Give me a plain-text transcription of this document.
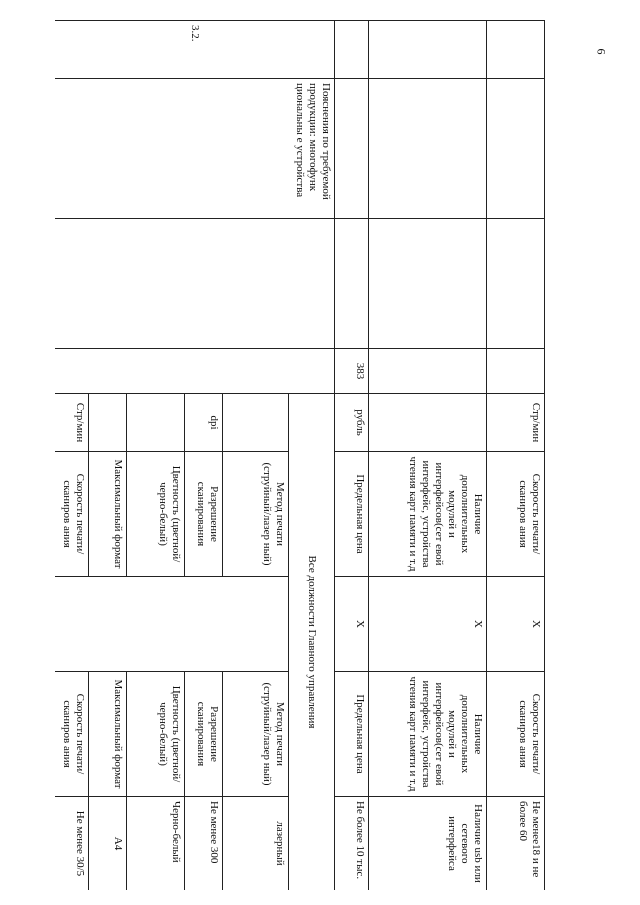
6
				Стр/мин	Скорость печати/сканиров ания	X	Скорость печати/сканиров ания	Не менее18 и не более 60
					Наличие дополнительных модулей и интерфейсов(сет евой интерфейс, устройства чтения карт памяти и т.д	X	Наличие дополнительных модулей и интерфейсов(сет евой интерфейс, устройства чтения карт памяти и т.д	Наличие usb или сетевого интерфейса
			383	рубль	Предельная цена	X	Предельная цена	Не более 10 тыс.
3.2.	Пояснения по требуемой продукции: многофунк циональны е устройства			Все должности Главного управления				
					Метод печати (струйный/лазер ный)		Метод печати (струйный/лазер ный)	лазерный
				dpi	Разрешение сканирования		Разрешение сканирования	Не менее 300
					Цветность (цветной/черно-белый)		Цветность (цветной/черно-белый)	Черно-белый
					Максимальный формат		Максимальный формат	А4
				Стр/мин	Скорость печати/сканиров ания		Скорость печати/сканиров ания	Не менее 30/5
